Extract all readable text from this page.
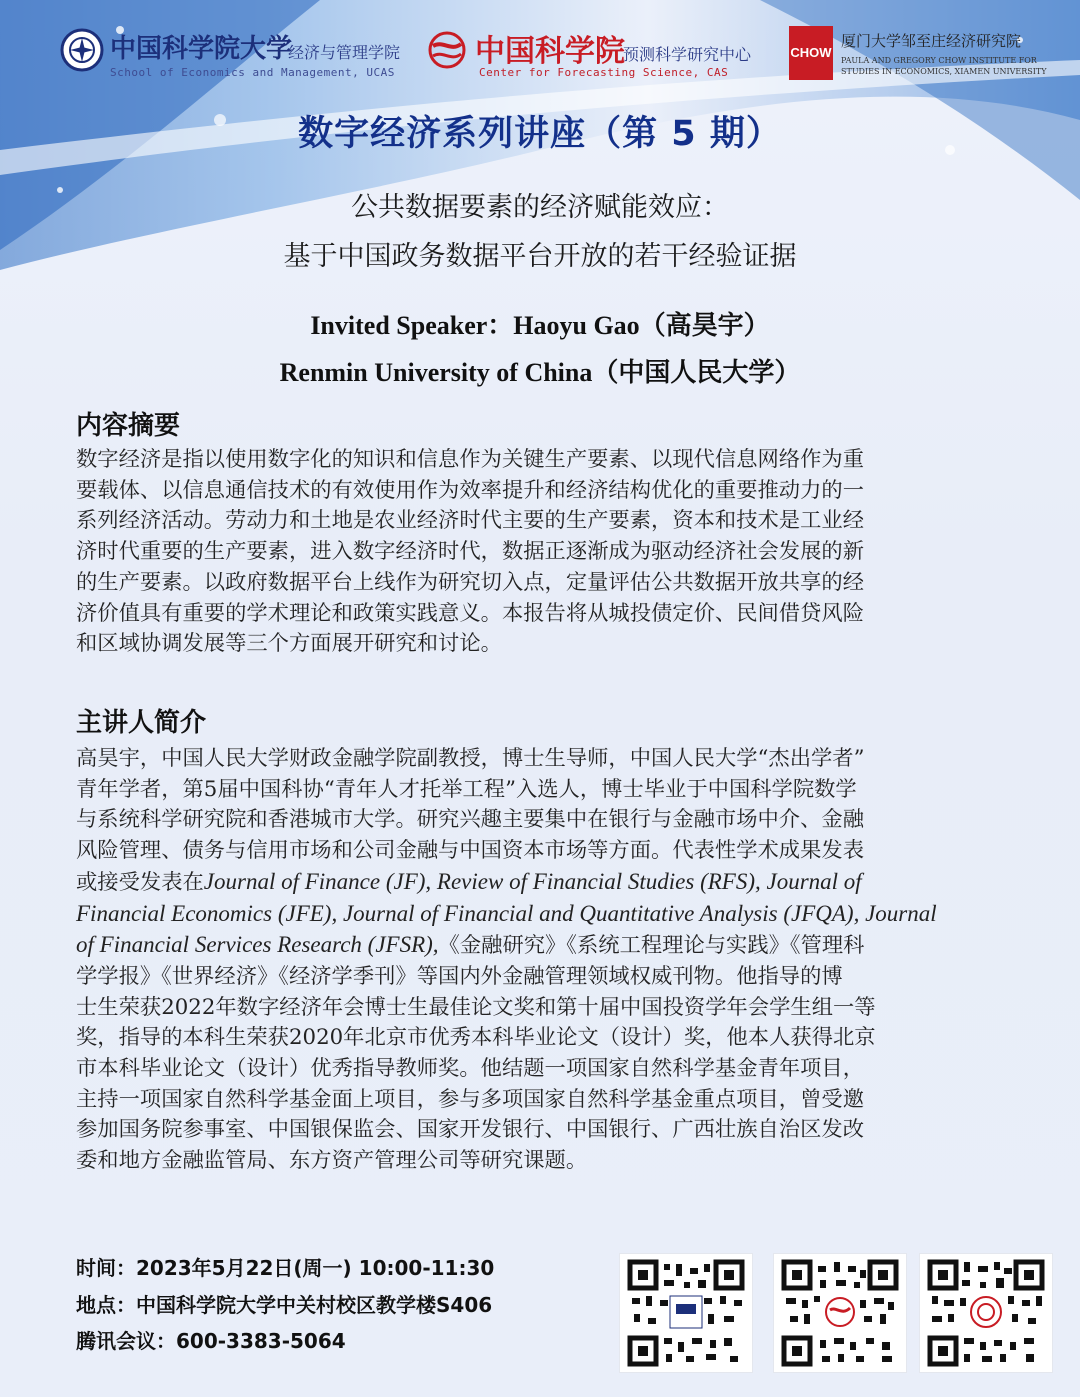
中国科学院大学
经济与管理学院
School of Economics and Management, UCAS
中国科学院
预测科学研究中心
Center for Forecasting Science, CAS
CHOW
厦门大学邹至庄经济研究院
PAULA AND GREGORY CHOW INSTITUTE FOR
STUDIES IN ECONOMICS, XIAMEN UNIVERSITY
数字经济系列讲座（第 5 期）
公共数据要素的经济赋能效应：
基于中国政务数据平台开放的若干经验证据
Invited Speaker：Haoyu Gao（高昊宇）
Renmin University of China（中国人民大学）
内容摘要
数字经济是指以使用数字化的知识和信息作为关键生产要素、以现代信息网络作为重
要载体、以信息通信技术的有效使用作为效率提升和经济结构优化的重要推动力的一
系列经济活动。劳动力和土地是农业经济时代主要的生产要素，资本和技术是工业经
济时代重要的生产要素，进入数字经济时代，数据正逐渐成为驱动经济社会发展的新
的生产要素。以政府数据平台上线作为研究切入点，定量评估公共数据开放共享的经
济价值具有重要的学术理论和政策实践意义。本报告将从城投债定价、民间借贷风险
和区域协调发展等三个方面展开研究和讨论。
主讲人简介
高昊宇，中国人民大学财政金融学院副教授，博士生导师，中国人民大学“杰出学者”
青年学者，第5届中国科协“青年人才托举工程”入选人，博士毕业于中国科学院数学
与系统科学研究院和香港城市大学。研究兴趣主要集中在银行与金融市场中介、金融
风险管理、债务与信用市场和公司金融与中国资本市场等方面。代表性学术成果发表
或接受发表在Journal of Finance (JF), Review of Financial Studies (RFS), Journal of
Financial Economics (JFE), Journal of Financial and Quantitative Analysis (JFQA), Journal
of Financial Services Research (JFSR),《金融研究》《系统工程理论与实践》《管理科
学学报》《世界经济》《经济学季刊》等国内外金融管理领域权威刊物。他指导的博
士生荣获2022年数字经济年会博士生最佳论文奖和第十届中国投资学年会学生组一等
奖，指导的本科生荣获2020年北京市优秀本科毕业论文（设计）奖，他本人获得北京
市本科毕业论文（设计）优秀指导教师奖。他结题一项国家自然科学基金青年项目，
主持一项国家自然科学基金面上项目，参与多项国家自然科学基金重点项目，曾受邀
参加国务院参事室、中国银保监会、国家开发银行、中国银行、广西壮族自治区发改
委和地方金融监管局、东方资产管理公司等研究课题。
时间：2023年5月22日(周一) 10:00-11:30
地点：中国科学院大学中关村校区教学楼S406
腾讯会议：600-3383-5064
